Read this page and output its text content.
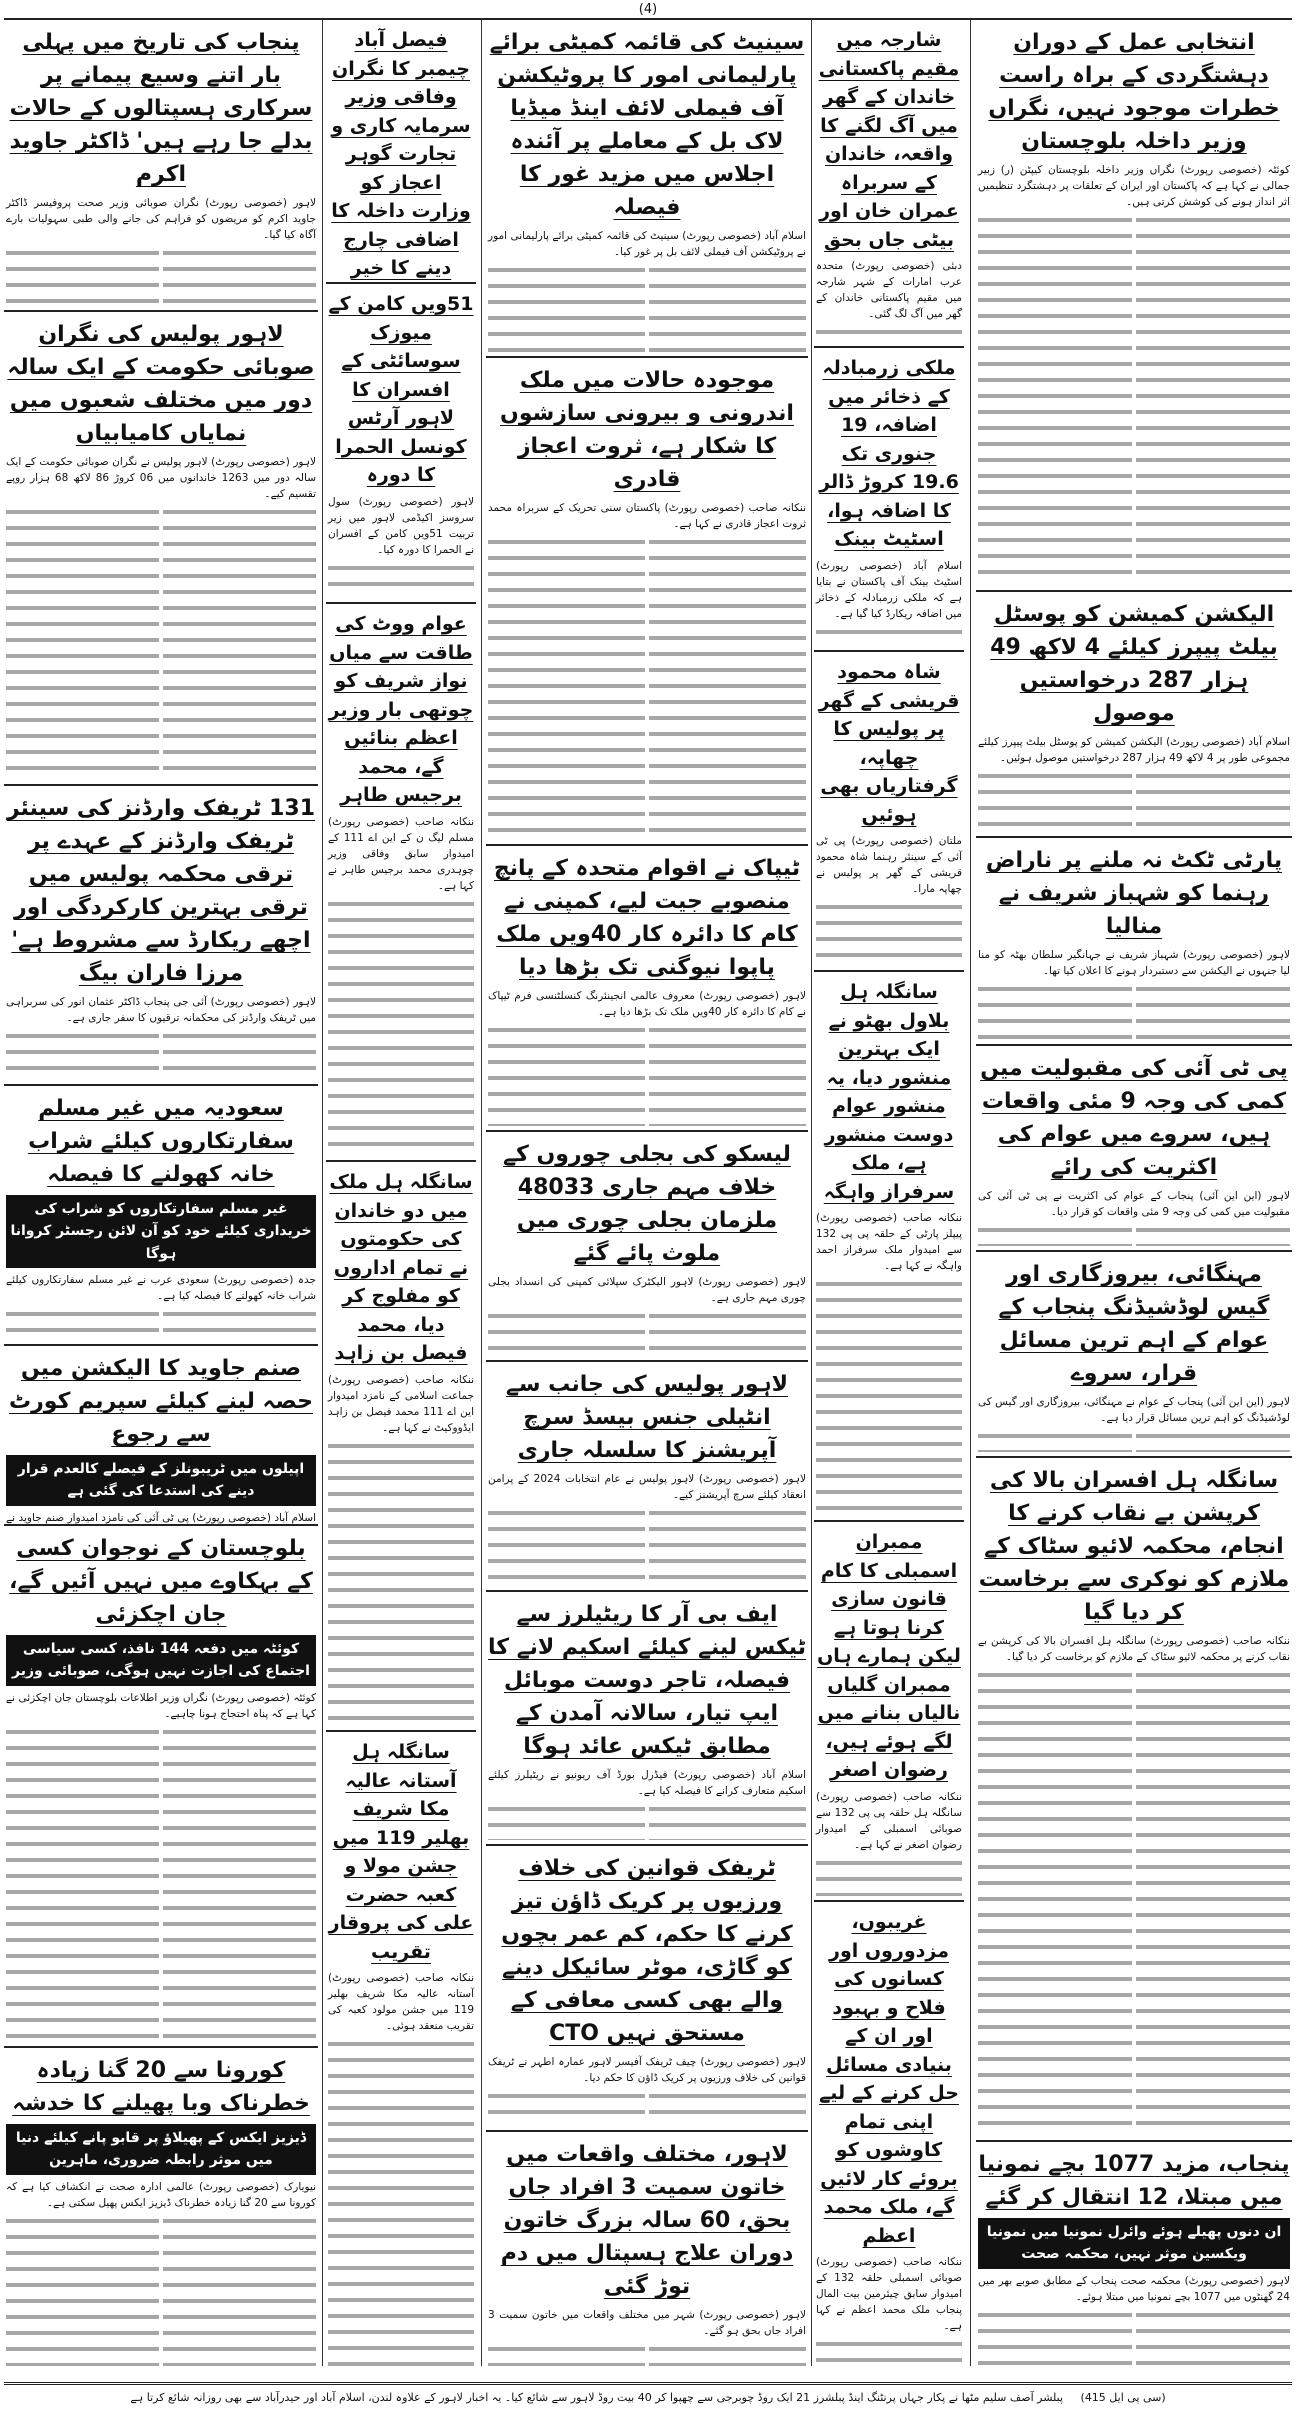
(4)
پنجاب کی تاریخ میں پہلی بار اتنے وسیع پیمانے پر سرکاری ہسپتالوں کے حالات بدلے جا رہے ہیں' ڈاکٹر جاوید اکرم

لاہور (خصوصی رپورٹ) نگران صوبائی وزیر صحت پروفیسر ڈاکٹر جاوید اکرم کو مریضوں کو فراہم کی جانے والی طبی سہولیات بارے آگاہ کیا گیا۔

لاہور پولیس کی نگران صوبائی حکومت کے ایک سالہ دور میں مختلف شعبوں میں نمایاں کامیابیاں

لاہور (خصوصی رپورٹ) لاہور پولیس نے نگران صوبائی حکومت کے ایک سالہ دور میں 1263 خاندانوں میں 06 کروڑ 86 لاکھ 68 ہزار روپے تقسیم کیے۔

131 ٹریفک وارڈنز کی سینئر ٹریفک وارڈنز کے عہدے پر ترقی محکمہ پولیس میں ترقی بہترین کارکردگی اور اچھے ریکارڈ سے مشروط ہے' مرزا فاران بیگ

لاہور (خصوصی رپورٹ) آئی جی پنجاب ڈاکٹر عثمان انور کی سربراہی میں ٹریفک وارڈنز کی محکمانہ ترقیوں کا سفر جاری ہے۔

سعودیہ میں غیر مسلم سفارتکاروں کیلئے شراب خانہ کھولنے کا فیصلہ
غیر مسلم سفارتکاروں کو شراب کی خریداری کیلئے خود کو آن لائن رجسٹر کروانا ہوگا

جدہ (خصوصی رپورٹ) سعودی عرب نے غیر مسلم سفارتکاروں کیلئے شراب خانہ کھولنے کا فیصلہ کیا ہے۔

صنم جاوید کا الیکشن میں حصہ لینے کیلئے سپریم کورٹ سے رجوع
اپیلوں میں ٹریبونلز کے فیصلے کالعدم قرار دینے کی استدعا کی گئی ہے

اسلام آباد (خصوصی رپورٹ) پی ٹی آئی کی نامزد امیدوار صنم جاوید نے

بلوچستان کے نوجوان کسی کے بہکاوے میں نہیں آئیں گے، جان اچکزئی
کوئٹہ میں دفعہ 144 نافذ، کسی سیاسی اجتماع کی اجازت نہیں ہوگی، صوبائی وزیر

کوئٹہ (خصوصی رپورٹ) نگراں وزیر اطلاعات بلوچستان جان اچکزئی نے کہا ہے کہ پناہ احتجاج ہونا چاہیے۔

کورونا سے 20 گنا زیادہ خطرناک وبا پھیلنے کا خدشہ
ڈیزیز ایکس کے پھیلاؤ پر قابو پانے کیلئے دنیا میں موثر رابطہ ضروری، ماہرین

نیویارک (خصوصی رپورٹ) عالمی ادارہ صحت نے انکشاف کیا ہے کہ کورونا سے 20 گنا زیادہ خطرناک ڈیزیز ایکس پھیل سکتی ہے۔

فیصل آباد چیمبر کا نگران وفاقی وزیر سرمایہ کاری و تجارت گوہر اعجاز کو وزارت داخلہ کا اضافی چارج دینے کا خیر

51ویں کامن کے میوزک سوسائٹی کے افسران کا لاہور آرٹس کونسل الحمرا کا دورہ

لاہور (خصوصی رپورٹ) سول سروسز اکیڈمی لاہور میں زیر تربیت 51ویں کامن کے افسران نے الحمرا کا دورہ کیا۔

عوام ووٹ کی طاقت سے میاں نواز شریف کو چوتھی بار وزیر اعظم بنائیں گے، محمد برجیس طاہر

ننکانہ صاحب (خصوصی رپورٹ) مسلم لیگ ن کے این اے 111 کے امیدوار سابق وفاقی وزیر چوہدری محمد برجیس طاہر نے کہا ہے۔

سانگلہ ہل ملک میں دو خاندان کی حکومتوں نے تمام اداروں کو مفلوج کر دیا، محمد فیصل بن زاہد

ننکانہ صاحب (خصوصی رپورٹ) جماعت اسلامی کے نامزد امیدوار این اے 111 محمد فیصل بن زاہد ایڈووکیٹ نے کہا ہے۔

سانگلہ ہل آستانہ عالیہ مکا شریف بھلیر 119 میں جشن مولا و کعبہ حضرت علی کی پروقار تقریب

ننکانہ صاحب (خصوصی رپورٹ) آستانہ عالیہ مکا شریف بھلیر 119 میں جشن مولود کعبہ کی تقریب منعقد ہوئی۔

سینیٹ کی قائمہ کمیٹی برائے پارلیمانی امور کا پروٹیکشن آف فیملی لائف اینڈ میڈیا لاک بل کے معاملے پر آئندہ اجلاس میں مزید غور کا فیصلہ

اسلام آباد (خصوصی رپورٹ) سینیٹ کی قائمہ کمیٹی برائے پارلیمانی امور نے پروٹیکشن آف فیملی لائف بل پر غور کیا۔

موجودہ حالات میں ملک اندرونی و بیرونی سازشوں کا شکار ہے، ثروت اعجاز قادری

ننکانہ صاحب (خصوصی رپورٹ) پاکستان سنی تحریک کے سربراہ محمد ثروت اعجاز قادری نے کہا ہے۔

ٹیپاک نے اقوام متحدہ کے پانچ منصوبے جیت لیے، کمپنی نے کام کا دائرہ کار 40ویں ملک پاپوا نیوگنی تک بڑھا دیا

لاہور (خصوصی رپورٹ) معروف عالمی انجینئرنگ کنسلٹنسی فرم ٹیپاک نے کام کا دائرہ کار 40ویں ملک تک بڑھا دیا ہے۔

لیسکو کی بجلی چوروں کے خلاف مہم جاری 48033 ملزمان بجلی چوری میں ملوث پائے گئے

لاہور (خصوصی رپورٹ) لاہور الیکٹرک سپلائی کمپنی کی انسداد بجلی چوری مہم جاری ہے۔

لاہور پولیس کی جانب سے انٹیلی جنس بیسڈ سرچ آپریشنز کا سلسلہ جاری

لاہور (خصوصی رپورٹ) لاہور پولیس نے عام انتخابات 2024 کے پرامن انعقاد کیلئے سرچ آپریشنز کیے۔

ایف بی آر کا ریٹیلرز سے ٹیکس لینے کیلئے اسکیم لانے کا فیصلہ، تاجر دوست موبائل ایپ تیار، سالانہ آمدن کے مطابق ٹیکس عائد ہوگا

اسلام آباد (خصوصی رپورٹ) فیڈرل بورڈ آف ریونیو نے ریٹیلرز کیلئے اسکیم متعارف کرانے کا فیصلہ کیا ہے۔

ٹریفک قوانین کی خلاف ورزیوں پر کریک ڈاؤن تیز کرنے کا حکم، کم عمر بچوں کو گاڑی، موٹر سائیکل دینے والے بھی کسی معافی کے مستحق نہیں CTO

لاہور (خصوصی رپورٹ) چیف ٹریفک آفیسر لاہور عمارہ اطہر نے ٹریفک قوانین کی خلاف ورزیوں پر کریک ڈاؤن کا حکم دیا۔

لاہور، مختلف واقعات میں خاتون سمیت 3 افراد جاں بحق، 60 سالہ بزرگ خاتون دوران علاج ہسپتال میں دم توڑ گئی

لاہور (خصوصی رپورٹ) شہر میں مختلف واقعات میں خاتون سمیت 3 افراد جاں بحق ہو گئے۔

شارجہ میں مقیم پاکستانی خاندان کے گھر میں آگ لگنے کا واقعہ، خاندان کے سربراہ عمران خان اور بیٹی جاں بحق

دبئی (خصوصی رپورٹ) متحدہ عرب امارات کے شہر شارجہ میں مقیم پاکستانی خاندان کے گھر میں آگ لگ گئی۔

ملکی زرمبادلہ کے ذخائر میں اضافہ، 19 جنوری تک 19.6 کروڑ ڈالر کا اضافہ ہوا، اسٹیٹ بینک

اسلام آباد (خصوصی رپورٹ) اسٹیٹ بینک آف پاکستان نے بتایا ہے کہ ملکی زرمبادلہ کے ذخائر میں اضافہ ریکارڈ کیا گیا ہے۔

شاہ محمود قریشی کے گھر پر پولیس کا چھاپہ، گرفتاریاں بھی ہوئیں

ملتان (خصوصی رپورٹ) پی ٹی آئی کے سینئر رہنما شاہ محمود قریشی کے گھر پر پولیس نے چھاپہ مارا۔

سانگلہ ہل بلاول بھٹو نے ایک بہترین منشور دیا، یہ منشور عوام دوست منشور ہے، ملک سرفراز واہگہ

ننکانہ صاحب (خصوصی رپورٹ) پیپلز پارٹی کے حلقہ پی پی 132 سے امیدوار ملک سرفراز احمد واہگہ نے کہا ہے۔

ممبران اسمبلی کا کام قانون سازی کرنا ہوتا ہے لیکن ہمارے ہاں ممبران گلیاں نالیاں بنانے میں لگے ہوئے ہیں، رضوان اصغر

ننکانہ صاحب (خصوصی رپورٹ) سانگلہ ہل حلقہ پی پی 132 سے صوبائی اسمبلی کے امیدوار رضوان اصغر نے کہا ہے۔

غریبوں، مزدوروں اور کسانوں کی فلاح و بہبود اور ان کے بنیادی مسائل حل کرنے کے لیے اپنی تمام کاوشوں کو بروئے کار لائیں گے، ملک محمد اعظم

ننکانہ صاحب (خصوصی رپورٹ) صوبائی اسمبلی حلقہ 132 کے امیدوار سابق چیئرمین بیت المال پنجاب ملک محمد اعظم نے کہا ہے۔

انتخابی عمل کے دوران دہشتگردی کے براہ راست خطرات موجود نہیں، نگراں وزیر داخلہ بلوچستان

کوئٹہ (خصوصی رپورٹ) نگراں وزیر داخلہ بلوچستان کیپٹن (ر) زبیر جمالی نے کہا ہے کہ پاکستان اور ایران کے تعلقات پر دہشتگرد تنظیمیں اثر انداز ہونے کی کوشش کرتی ہیں۔

الیکشن کمیشن کو پوسٹل بیلٹ پیپرز کیلئے 4 لاکھ 49 ہزار 287 درخواستیں موصول

اسلام آباد (خصوصی رپورٹ) الیکشن کمیشن کو پوسٹل بیلٹ پیپرز کیلئے مجموعی طور پر 4 لاکھ 49 ہزار 287 درخواستیں موصول ہوئیں۔

پارٹی ٹکٹ نہ ملنے پر ناراض رہنما کو شہباز شریف نے منالیا

لاہور (خصوصی رپورٹ) شہباز شریف نے جہانگیر سلطان بھٹہ کو منا لیا جنہوں نے الیکشن سے دستبردار ہونے کا اعلان کیا تھا۔

پی ٹی آئی کی مقبولیت میں کمی کی وجہ 9 مئی واقعات ہیں، سروے میں عوام کی اکثریت کی رائے

لاہور (این این آئی) پنجاب کے عوام کی اکثریت نے پی ٹی آئی کی مقبولیت میں کمی کی وجہ 9 مئی واقعات کو قرار دیا۔

مہنگائی، بیروزگاری اور گیس لوڈشیڈنگ پنجاب کے عوام کے اہم ترین مسائل قرار، سروے

لاہور (این این آئی) پنجاب کے عوام نے مہنگائی، بیروزگاری اور گیس کی لوڈشیڈنگ کو اہم ترین مسائل قرار دیا ہے۔

سانگلہ ہل افسران بالا کی کرپشن بے نقاب کرنے کا انجام، محکمہ لائیو سٹاک کے ملازم کو نوکری سے برخاست کر دیا گیا

ننکانہ صاحب (خصوصی رپورٹ) سانگلہ ہل افسران بالا کی کرپشن بے نقاب کرنے پر محکمہ لائیو سٹاک کے ملازم کو برخاست کر دیا گیا۔

پنجاب، مزید 1077 بچے نمونیا میں مبتلا، 12 انتقال کر گئے
ان دنوں پھیلے ہوئے وائرل نمونیا میں نمونیا ویکسین موثر نہیں، محکمہ صحت

لاہور (خصوصی رپورٹ) محکمہ صحت پنجاب کے مطابق صوبے بھر میں 24 گھنٹوں میں 1077 بچے نمونیا میں مبتلا ہوئے۔

(سی پی ایل 415)     پبلشر آصف سلیم مٹھا نے پکار جہاں پرنٹنگ اینڈ پبلشرز 21 ایک روڈ چوبرجی سے چھپوا کر 40 بیت روڈ لاہور سے شائع کیا۔ یہ اخبار لاہور کے علاوہ لندن، اسلام آباد اور حیدرآباد سے بھی روزانہ شائع کرتا ہے
